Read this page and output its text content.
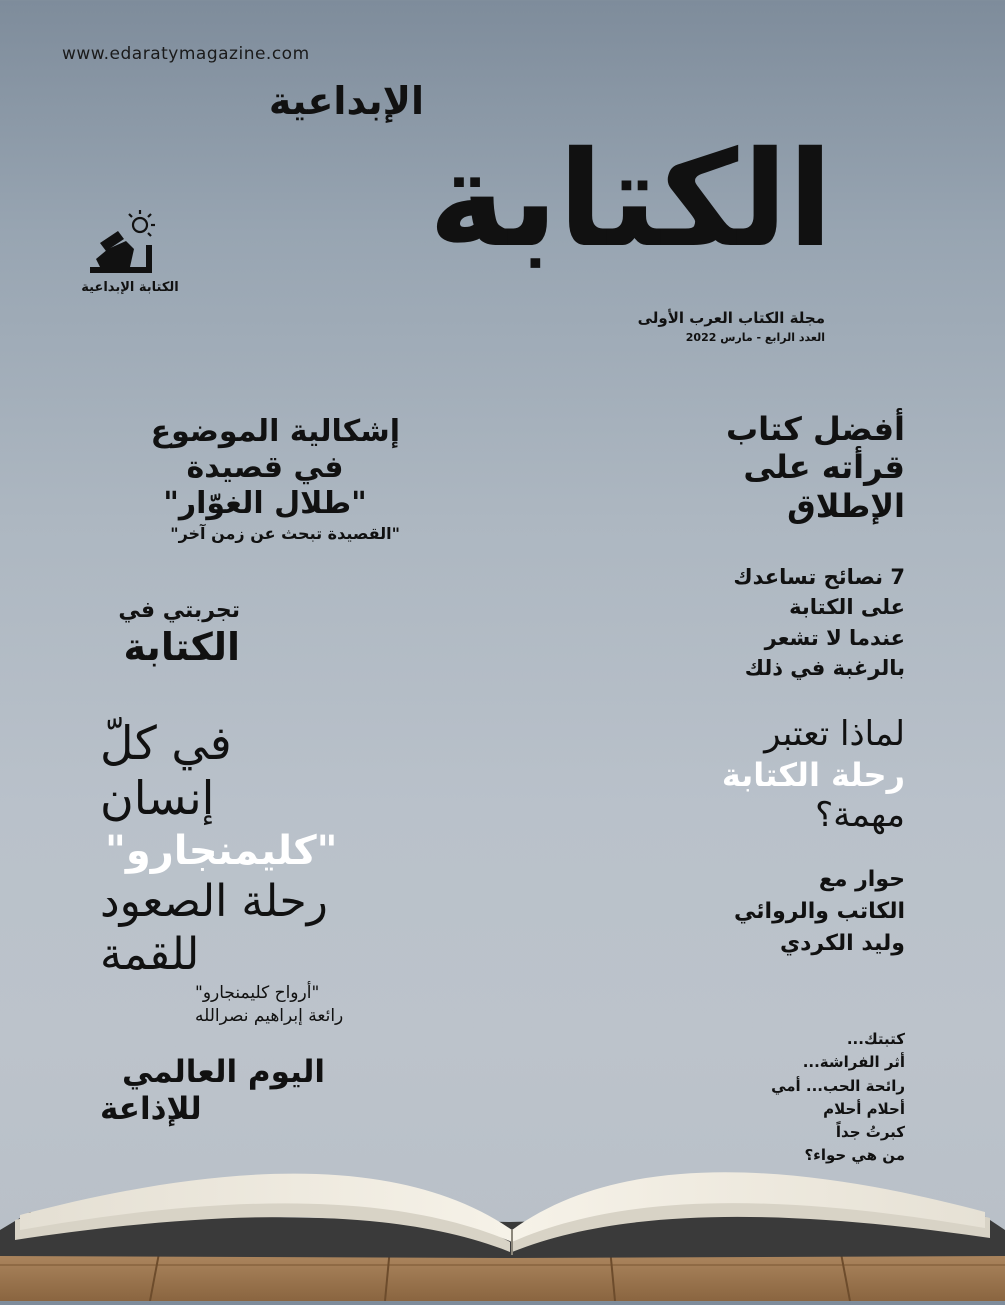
www.edaratymagazine.com
الإبداعية
الكتابة
مجلة الكتاب العرب الأولى
العدد الرابع - مارس 2022
الكتابة الإبداعية
إشكالية الموضوع
في قصيدة
"طلال الغوّار"
"القصيدة تبحث عن زمن آخر"
تجربتي في
الكتابة
في كلّ
إنسان
"كليمنجارو"
رحلة الصعود
للقمة
"أرواح كليمنجارو"
رائعة إبراهيم نصرالله
اليوم العالمي
للإذاعة
أفضل كتاب
قرأته على
الإطلاق
7 نصائح تساعدك
على الكتابة
عندما لا تشعر
بالرغبة في ذلك
لماذا تعتبر
رحلة الكتابة
مهمة؟
حوار مع
الكاتب والروائي
وليد الكردي
كتبتك...
أثر الفراشة...
رائحة الحب... أمي
أحلام أحلام
كبرتُ جداً
من هي حواء؟
